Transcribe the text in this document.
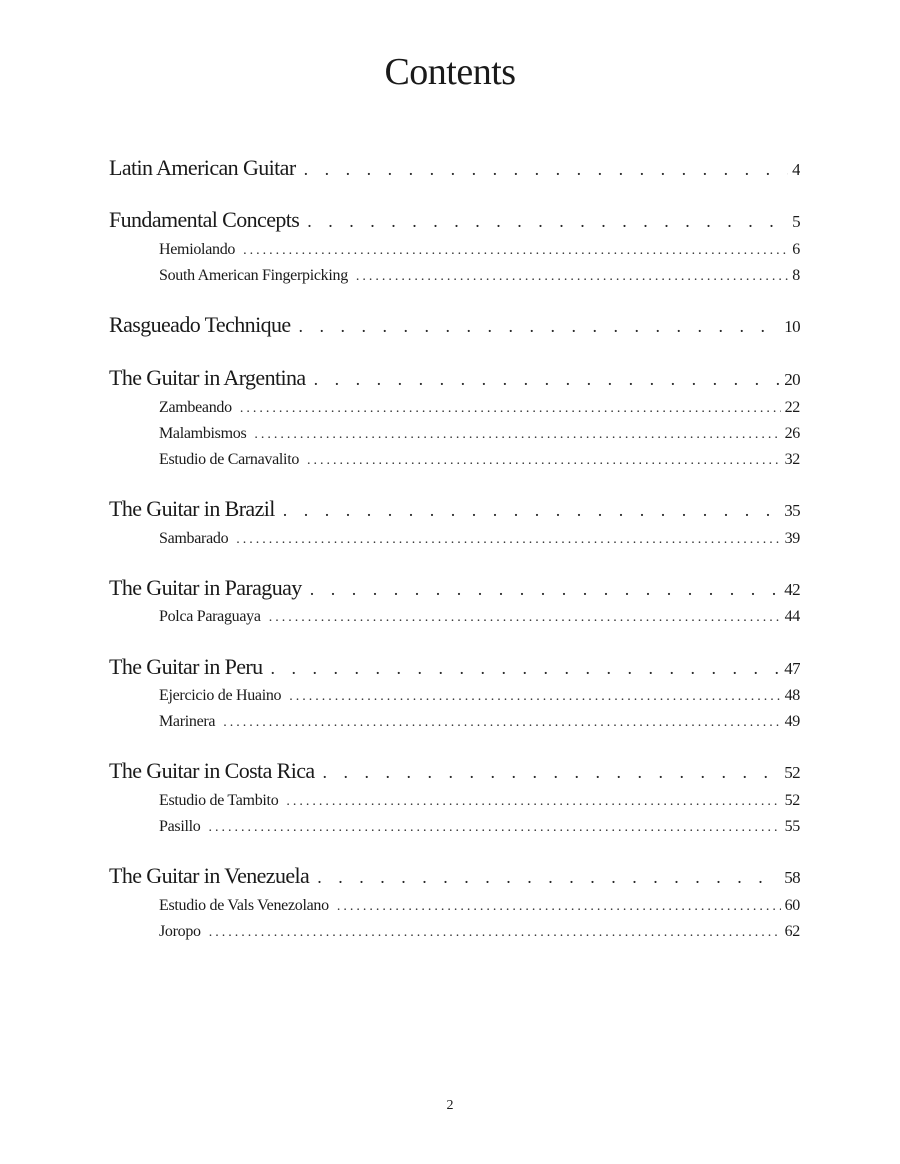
Contents
Latin American Guitar . . .	4
Fundamental Concepts . . .	5
Hemiolando .....	6
South American Fingerpicking .....	8
Rasgueado Technique . . .	10
The Guitar in Argentina . . .	20
Zambeando .....	22
Malambismos .....	26
Estudio de Carnavalito .....	32
The Guitar in Brazil . . .	35
Sambarado .....	39
The Guitar in Paraguay . . .	42
Polca Paraguaya .....	44
The Guitar in Peru . . .	47
Ejercicio de Huaino .....	48
Marinera .....	49
The Guitar in Costa Rica . . .	52
Estudio de Tambito .....	52
Pasillo .....	55
The Guitar in Venezuela . . .	58
Estudio de Vals Venezolano .....	60
Joropo .....	62
2
